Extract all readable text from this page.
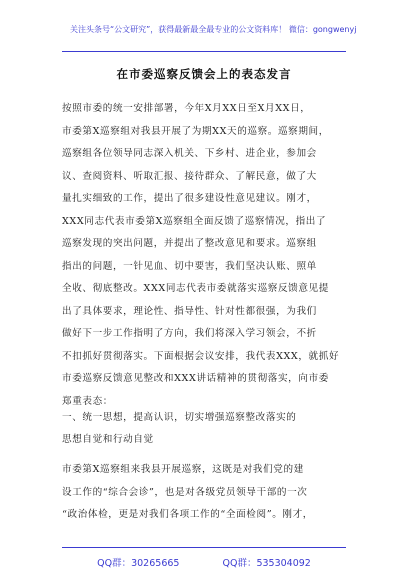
关注头条号“公文研究”，获得最新最全最专业的公文资料库！ 微信：gongwenyj
在市委巡察反馈会上的表态发言
按照市委的统一安排部署，今年X月XX日至X月XX日，
市委第X巡察组对我县开展了为期XX天的巡察。巡察期间，
巡察组各位领导同志深入机关、下乡村、进企业，参加会
议、查阅资料、听取汇报、接待群众、了解民意，做了大
量扎实细致的工作，提出了很多建设性意见建议。刚才，
XXX同志代表市委第X巡察组全面反馈了巡察情况，指出了
巡察发现的突出问题，并提出了整改意见和要求。巡察组
指出的问题，一针见血、切中要害，我们坚决认账、照单
全收、彻底整改。XXX同志代表市委就落实巡察反馈意见提
出了具体要求，理论性、指导性、针对性都很强，为我们
做好下一步工作指明了方向，我们将深入学习领会，不折
不扣抓好贯彻落实。下面根据会议安排，我代表XXX，就抓好
市委巡察反馈意见整改和XXX讲话精神的贯彻落实，向市委
郑重表态：
一、统一思想，提高认识，切实增强巡察整改落实的
思想自觉和行动自觉
市委第X巡察组来我县开展巡察，这既是对我们党的建
设工作的“综合会诊”，也是对各级党员领导干部的一次
“政治体检，更是对我们各项工作的“全面检阅”。刚才，
QQ群：30265665	QQ群：535304092
